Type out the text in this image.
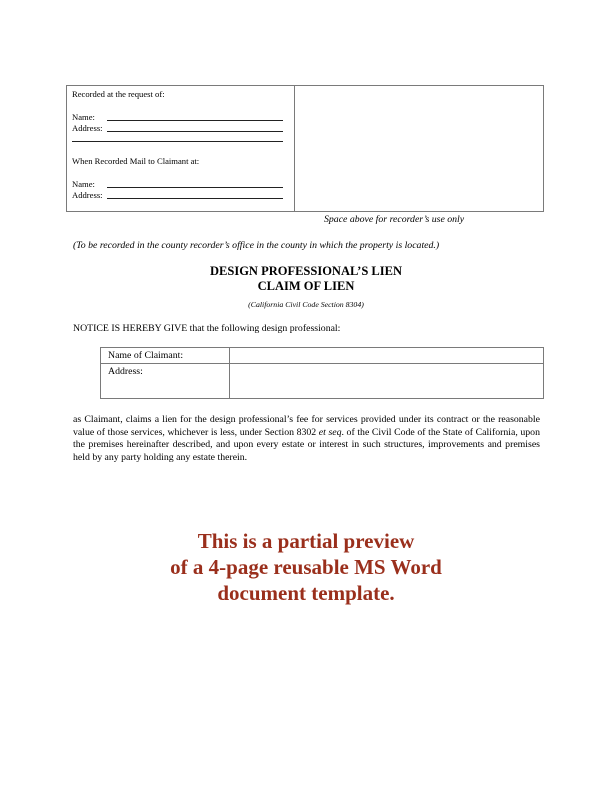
Recorded at the request of:
Name:
Address:
When Recorded Mail to Claimant at:
Name:
Address:
Space above for recorder’s use only
(To be recorded in the county recorder’s office in the county in which the property is located.)
DESIGN PROFESSIONAL’S LIEN
CLAIM OF LIEN
(California Civil Code Section 8304)
NOTICE IS HEREBY GIVE that the following design professional:
Name of Claimant:
Address:
as Claimant, claims a lien for the design professional’s fee for services provided under its contract or the reasonable value of those services, whichever is less, under Section 8302 et seq. of the Civil Code of the State of California, upon the premises hereinafter described, and upon every estate or interest in such structures, improvements and premises held by any party holding any estate therein.
This is a partial preview
of a 4-page reusable MS Word
document template.
